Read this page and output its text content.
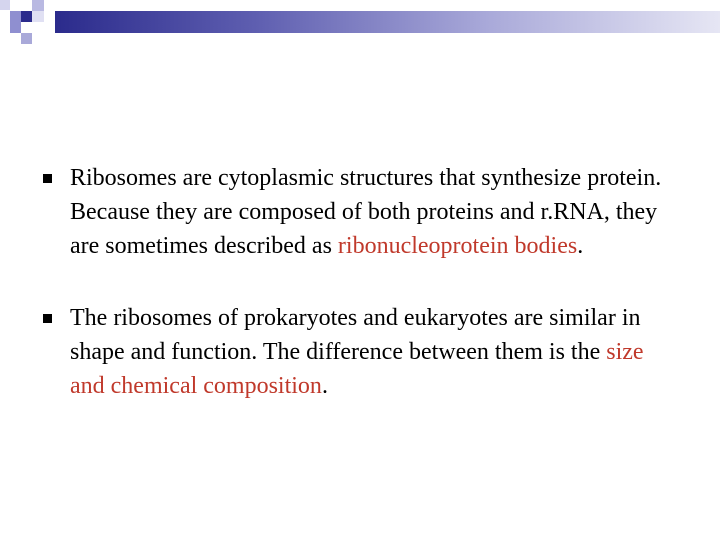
Ribosomes are cytoplasmic structures that synthesize protein. Because they are composed of both proteins and r.RNA, they are sometimes described as ribonucleoprotein bodies.
The ribosomes of prokaryotes and eukaryotes are similar in shape and function. The difference between them is the size and chemical composition.
